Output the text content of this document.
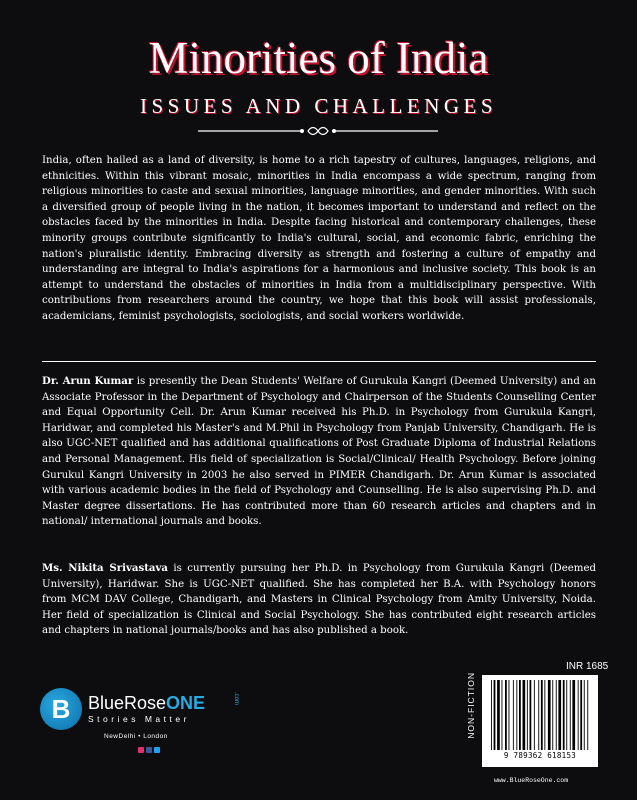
Minorities of India
ISSUES AND CHALLENGES

India, often hailed as a land of diversity, is home to a rich tapestry of cultures, languages, religions, and ethnicities. Within this vibrant mosaic, minorities in India encompass a wide spectrum, ranging from religious minorities to caste and sexual minorities, language minorities, and gender minorities. With such a diversified group of people living in the nation, it becomes important to understand and reflect on the obstacles faced by the minorities in India. Despite facing historical and contemporary challenges, these minority groups contribute significantly to India's cultural, social, and economic fabric, enriching the nation's pluralistic identity. Embracing diversity as strength and fostering a culture of empathy and understanding are integral to India's aspirations for a harmonious and inclusive society. This book is an attempt to understand the obstacles of minorities in India from a multidisciplinary perspective. With contributions from researchers around the country, we hope that this book will assist professionals, academicians, feminist psychologists, sociologists, and social workers worldwide.

Dr. Arun Kumar is presently the Dean Students' Welfare of Gurukula Kangri (Deemed University) and an Associate Professor in the Department of Psychology and Chairperson of the Students Counselling Center and Equal Opportunity Cell. Dr. Arun Kumar received his Ph.D. in Psychology from Gurukula Kangri, Haridwar, and completed his Master's and M.Phil in Psychology from Panjab University, Chandigarh. He is also UGC-NET qualified and has additional qualifications of Post Graduate Diploma of Industrial Relations and Personal Management. His field of specialization is Social/Clinical/ Health Psychology. Before joining Gurukul Kangri University in 2003 he also served in PIMER Chandigarh. Dr. Arun Kumar is associated with various academic bodies in the field of Psychology and Counselling. He is also supervising Ph.D. and Master degree dissertations. He has contributed more than 60 research articles and chapters and in national/ international journals and books.

Ms. Nikita Srivastava is currently pursuing her Ph.D. in Psychology from Gurukula Kangri (Deemed University), Haridwar. She is UGC-NET qualified. She has completed her B.A. with Psychology honors from MCM DAV College, Chandigarh, and Masters in Clinical Psychology from Amity University, Noida. Her field of specialization is Clinical and Social Psychology. She has contributed eight research articles and chapters in national journals/books and has also published a book.

B BlueRoseONE	.com
Stories Matter
NewDelhi • London
INR 1685
NON-FICTION
9 789362 618153
www.BlueRoseOne.com
